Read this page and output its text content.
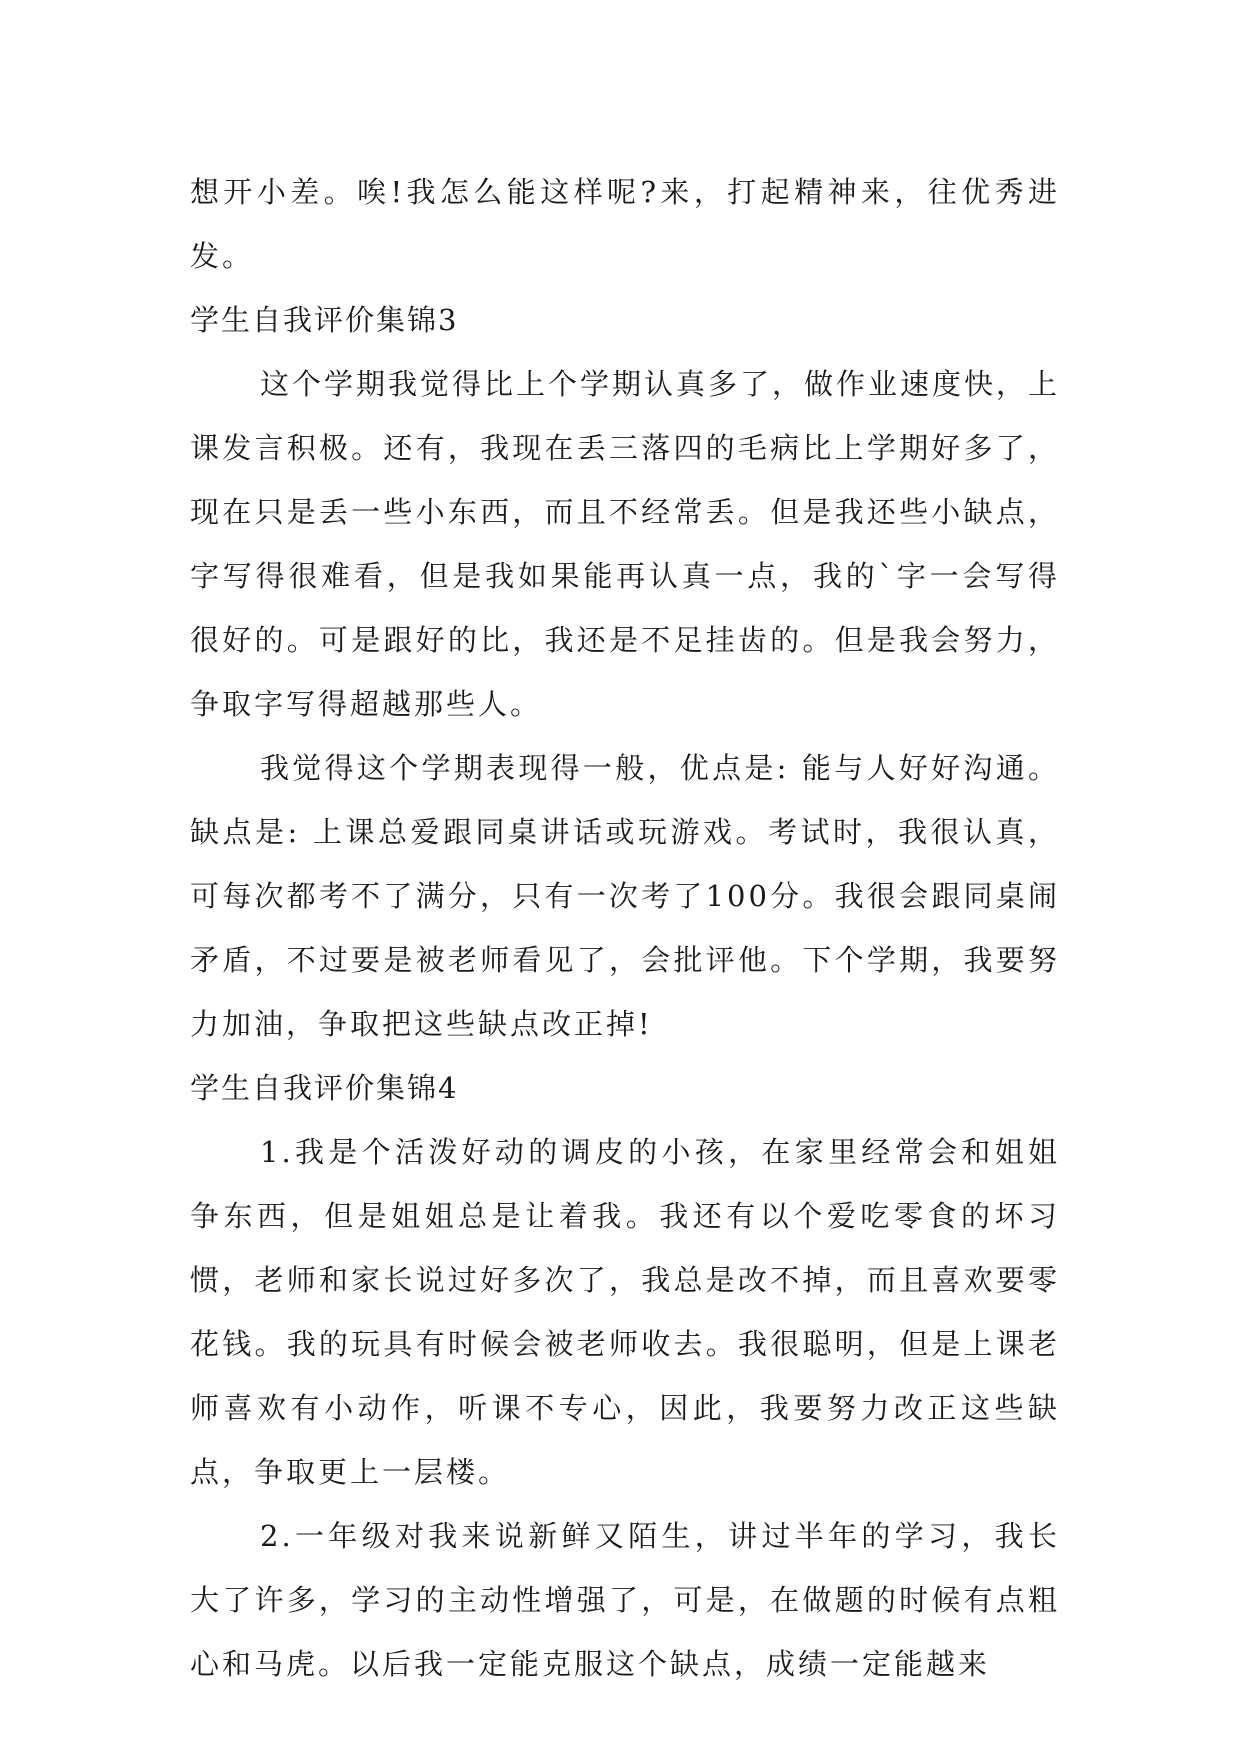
想开小差。唉!我怎么能这样呢?来，打起精神来，往优秀进发。

学生自我评价集锦3

这个学期我觉得比上个学期认真多了，做作业速度快，上课发言积极。还有，我现在丢三落四的毛病比上学期好多了，现在只是丢一些小东西，而且不经常丢。但是我还些小缺点，字写得很难看，但是我如果能再认真一点，我的`字一会写得很好的。可是跟好的比，我还是不足挂齿的。但是我会努力，争取字写得超越那些人。

我觉得这个学期表现得一般，优点是: 能与人好好沟通。缺点是: 上课总爱跟同桌讲话或玩游戏。考试时，我很认真，可每次都考不了满分，只有一次考了100分。我很会跟同桌闹矛盾，不过要是被老师看见了，会批评他。下个学期，我要努力加油，争取把这些缺点改正掉!

学生自我评价集锦4

1.我是个活泼好动的调皮的小孩，在家里经常会和姐姐争东西，但是姐姐总是让着我。我还有以个爱吃零食的坏习惯，老师和家长说过好多次了，我总是改不掉，而且喜欢要零花钱。我的玩具有时候会被老师收去。我很聪明，但是上课老师喜欢有小动作，听课不专心，因此，我要努力改正这些缺点，争取更上一层楼。

2.一年级对我来说新鲜又陌生，讲过半年的学习，我长大了许多，学习的主动性增强了，可是，在做题的时候有点粗心和马虎。以后我一定能克服这个缺点，成绩一定能越来
